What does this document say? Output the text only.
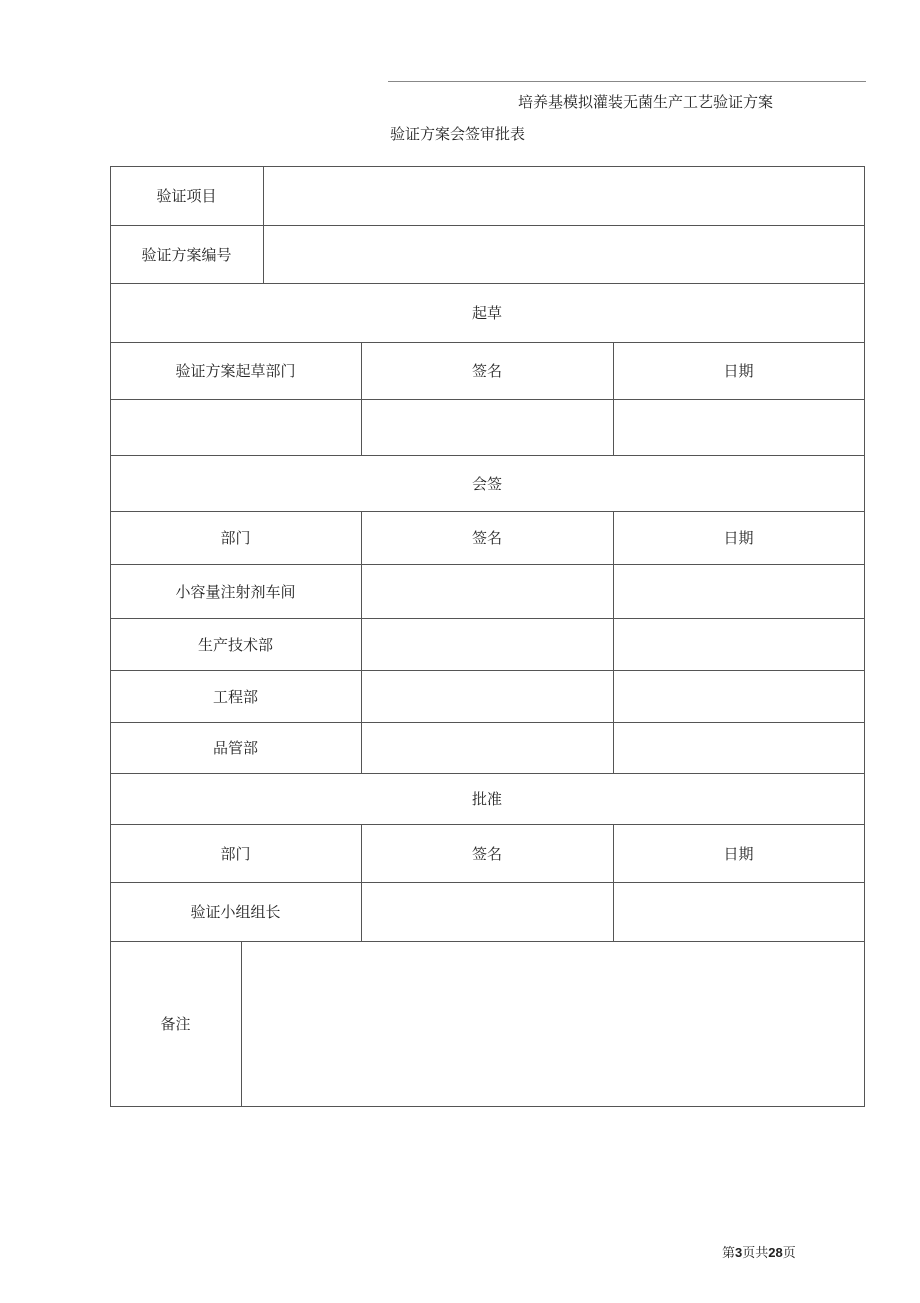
培养基模拟灌装无菌生产工艺验证方案
验证方案会签审批表
验证项目
验证方案编号
起草
验证方案起草部门	签名	日期
会签
部门	签名	日期
小容量注射剂车间
生产技术部
工程部
品管部
批准
部门	签名	日期
验证小组组长
备注
第3页共28页
